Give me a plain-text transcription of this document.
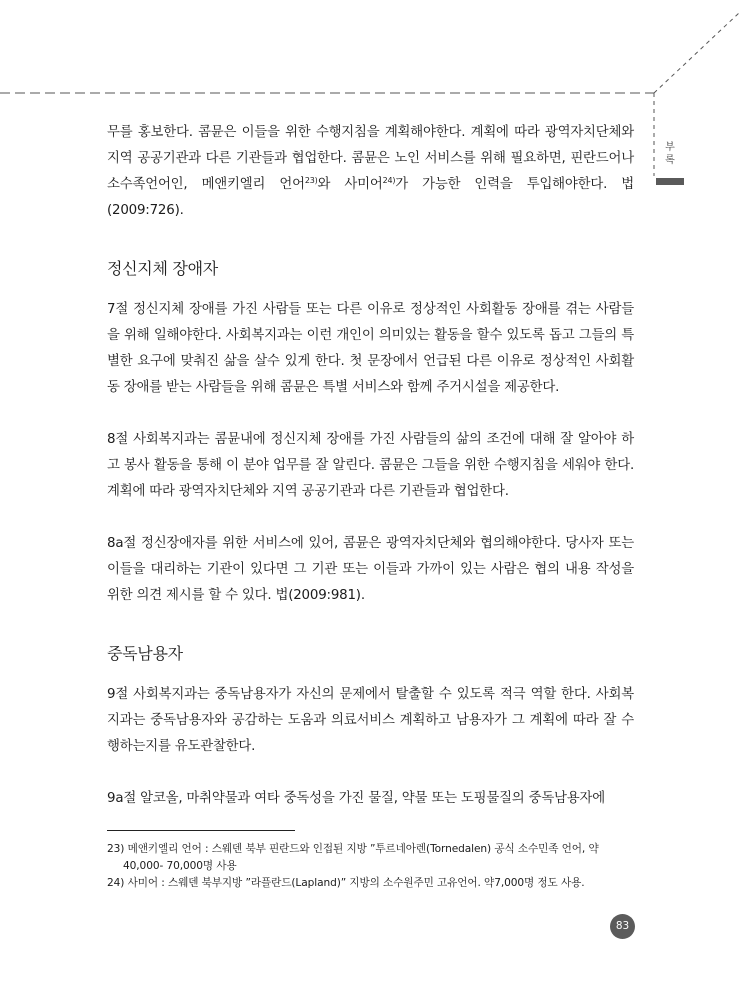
부
록

무를 홍보한다. 콤뮨은 이들을 위한 수행지침을 계획해야한다. 계획에 따라 광역자치단체와 지역 공공기관과 다른 기관들과 협업한다. 콤뮨은 노인 서비스를 위해 필요하면, 핀란드어나 소수족언어인, 메앤키엘리 언어$^{23)}$와 사미어$^{24)}$가 가능한 인력을 투입해야한다. 법(2009:726).

정신지체 장애자

7절 정신지체 장애를 가진 사람들 또는 다른 이유로 정상적인 사회활동 장애를 겪는 사람들을 위해 일해야한다. 사회복지과는 이런 개인이 의미있는 활동을 할수 있도록 돕고 그들의 특별한 요구에 맞춰진 삶을 살수 있게 한다. 첫 문장에서 언급된 다른 이유로 정상적인 사회활동 장애를 받는 사람들을 위해 콤뮨은 특별 서비스와 함께 주거시설을 제공한다.

8절 사회복지과는 콤뮨내에 정신지체 장애를 가진 사람들의 삶의 조건에 대해 잘 알아야 하고 봉사 활동을 통해 이 분야 업무를 잘 알린다. 콤뮨은 그들을 위한 수행지침을 세워야 한다. 계획에 따라 광역자치단체와 지역 공공기관과 다른 기관들과 협업한다.

8a절 정신장애자를 위한 서비스에 있어, 콤뮨은 광역자치단체와 협의해야한다. 당사자 또는 이들을 대리하는 기관이 있다면 그 기관 또는 이들과 가까이 있는 사람은 협의 내용 작성을 위한 의견 제시를 할 수 있다. 법(2009:981).

중독남용자

9절 사회복지과는 중독남용자가 자신의 문제에서 탈출할 수 있도록 적극 역할 한다. 사회복지과는 중독남용자와 공감하는 도움과 의료서비스 계획하고 남용자가 그 계획에 따라 잘 수행하는지를 유도관찰한다.

9a절 알코올, 마취약물과 여타 중독성을 가진 물질, 약물 또는 도핑물질의 중독남용자에

23) 메앤키엘리 언어 : 스웨덴 북부 핀란드와 인접된 지방 ”투르네아렌(Tornedalen) 공식 소수민족 언어, 약40,000- 70,000명 사용
24) 사미어 : 스웨덴 북부지방 ”라플란드(Lapland)” 지방의 소수원주민 고유언어. 약7,000명 정도 사용.
83
